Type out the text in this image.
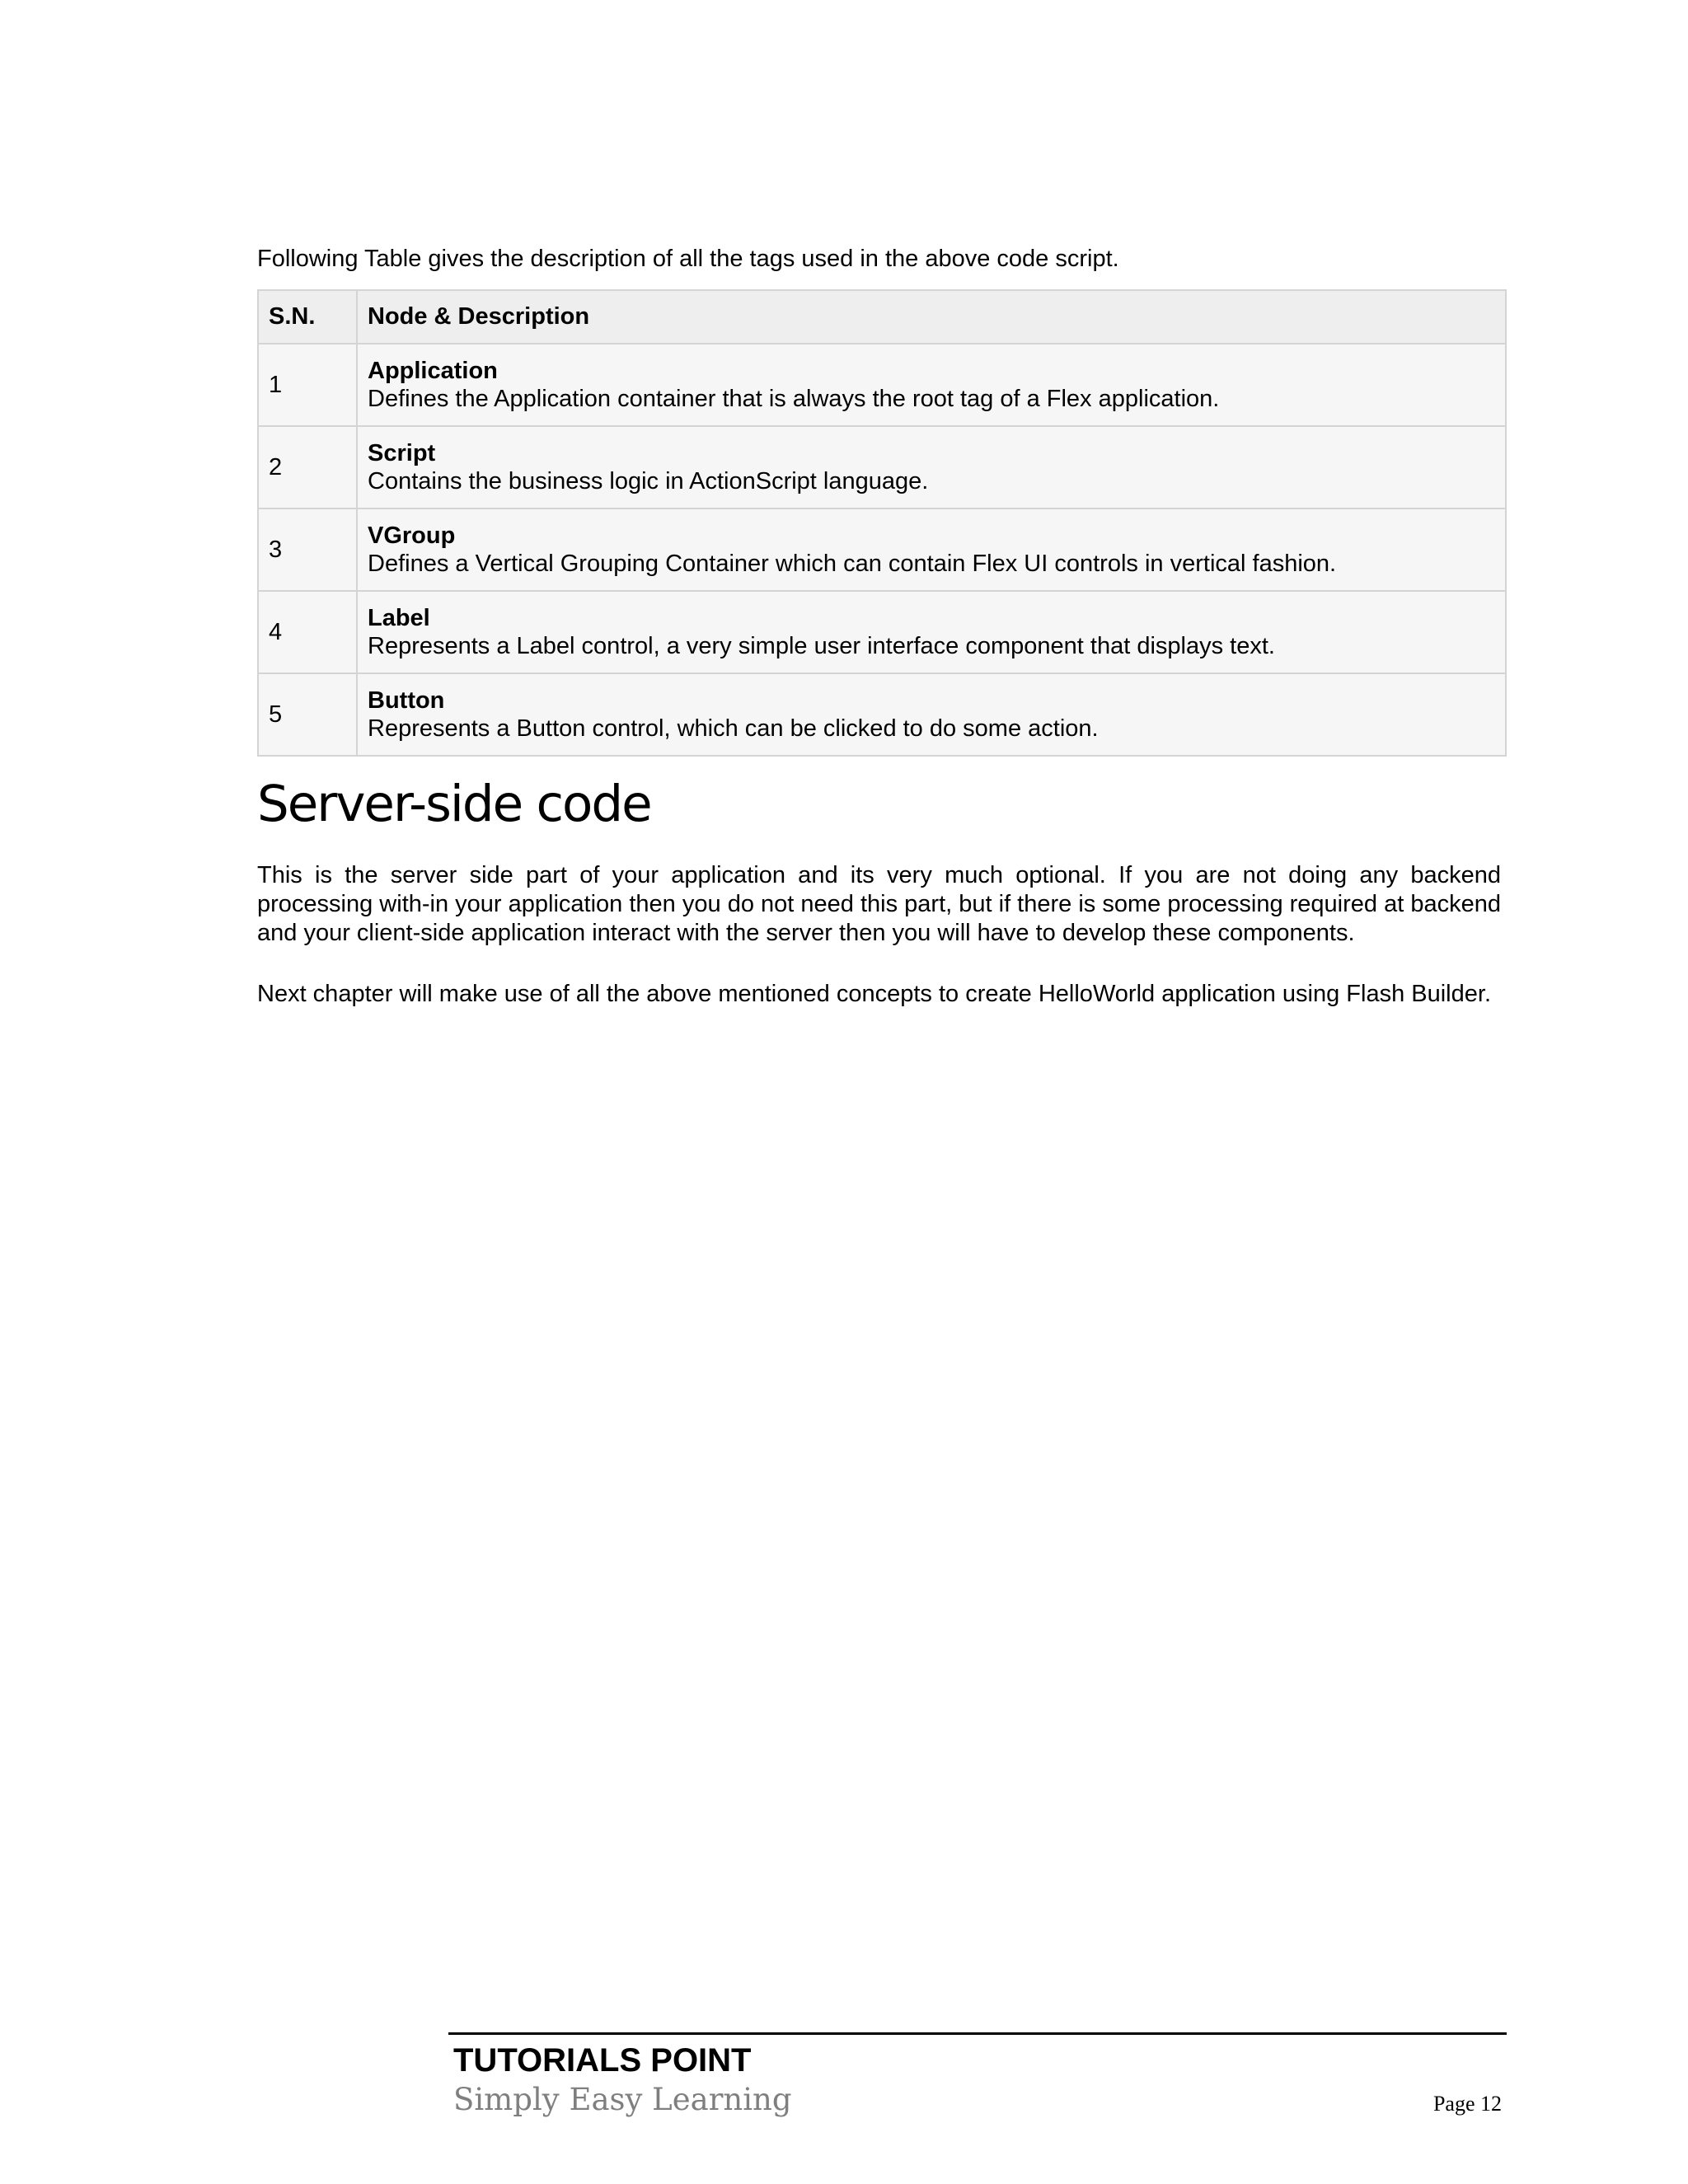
Following Table gives the description of all the tags used in the above code script.
S.N.	Node & Description
1	Application
Defines the Application container that is always the root tag of a Flex application.

2	Script
Contains the business logic in ActionScript language.

3	VGroup
Defines a Vertical Grouping Container which can contain Flex UI controls in vertical fashion.

4	Label
Represents a Label control, a very simple user interface component that displays text.

5	Button
Represents a Button control, which can be clicked to do some action.
Server-side code

This is the server side part of your application and its very much optional. If you are not doing any backend processing with-in your application then you do not need this part, but if there is some processing required at backend and your client-side application interact with the server then you will have to develop these components.

Next chapter will make use of all the above mentioned concepts to create HelloWorld application using Flash Builder.

TUTORIALS POINT
Simply Easy Learning	Page 12
